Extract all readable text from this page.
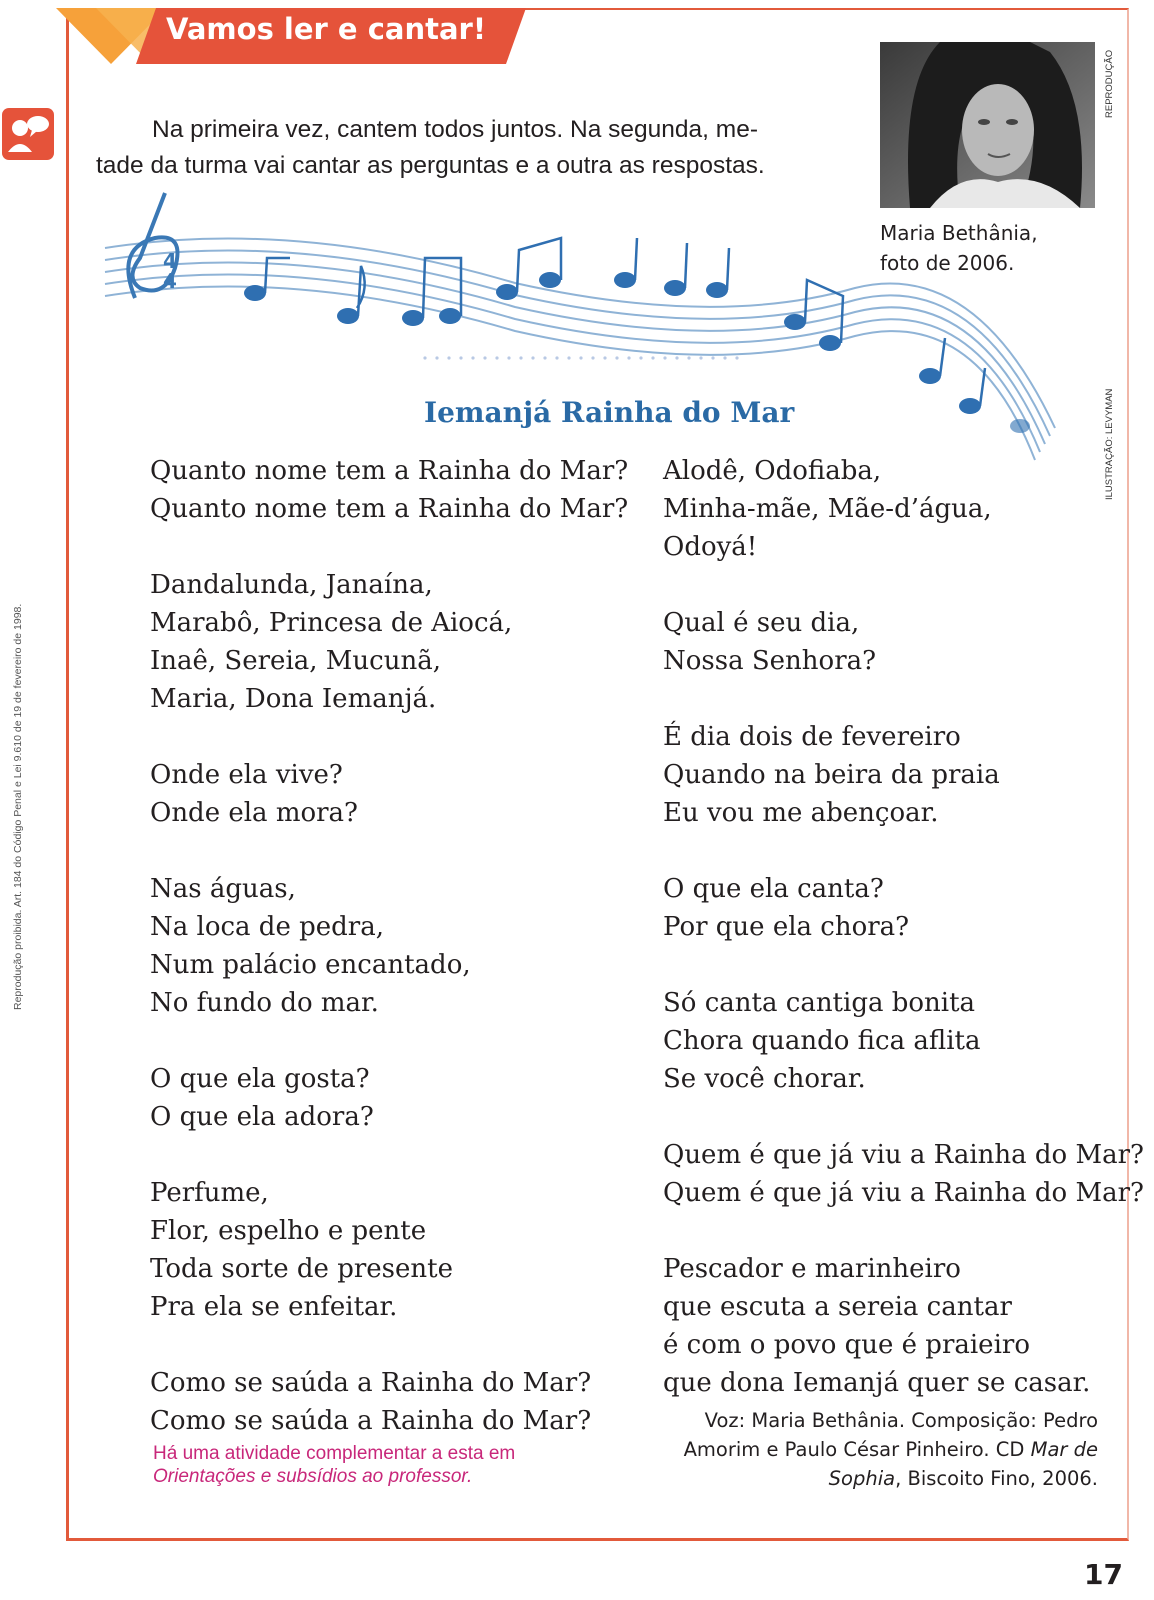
Vamos ler e cantar!
Na primeira vez, cantem todos juntos. Na segunda, me-
tade da turma vai cantar as perguntas e a outra as respostas.
REPRODUÇÃO
Maria Bethânia,
foto de 2006.
4
4
ILUSTRAÇÃO: LEVYMAN
Reprodução proibida. Art. 184 do Código Penal e Lei 9.610 de 19 de fevereiro de 1998.
Iemanjá Rainha do Mar
Quanto nome tem a Rainha do Mar?
Quanto nome tem a Rainha do Mar?
Dandalunda, Janaína,
Marabô, Princesa de Aiocá,
Inaê, Sereia, Mucunã,
Maria, Dona Iemanjá.
Onde ela vive?
Onde ela mora?
Nas águas,
Na loca de pedra,
Num palácio encantado,
No fundo do mar.
O que ela gosta?
O que ela adora?
Perfume,
Flor, espelho e pente
Toda sorte de presente
Pra ela se enfeitar.
Como se saúda a Rainha do Mar?
Como se saúda a Rainha do Mar?
Alodê, Odofiaba,
Minha-mãe, Mãe-d’água,
Odoyá!
Qual é seu dia,
Nossa Senhora?
É dia dois de fevereiro
Quando na beira da praia
Eu vou me abençoar.
O que ela canta?
Por que ela chora?
Só canta cantiga bonita
Chora quando fica aflita
Se você chorar.
Quem é que já viu a Rainha do Mar?
Quem é que já viu a Rainha do Mar?
Pescador e marinheiro
que escuta a sereia cantar
é com o povo que é praieiro
que dona Iemanjá quer se casar.
Há uma atividade complementar a esta em
Orientações e subsídios ao professor.
Voz: Maria Bethânia. Composição: Pedro
Amorim e Paulo César Pinheiro. CD Mar de
Sophia, Biscoito Fino, 2006.
17
